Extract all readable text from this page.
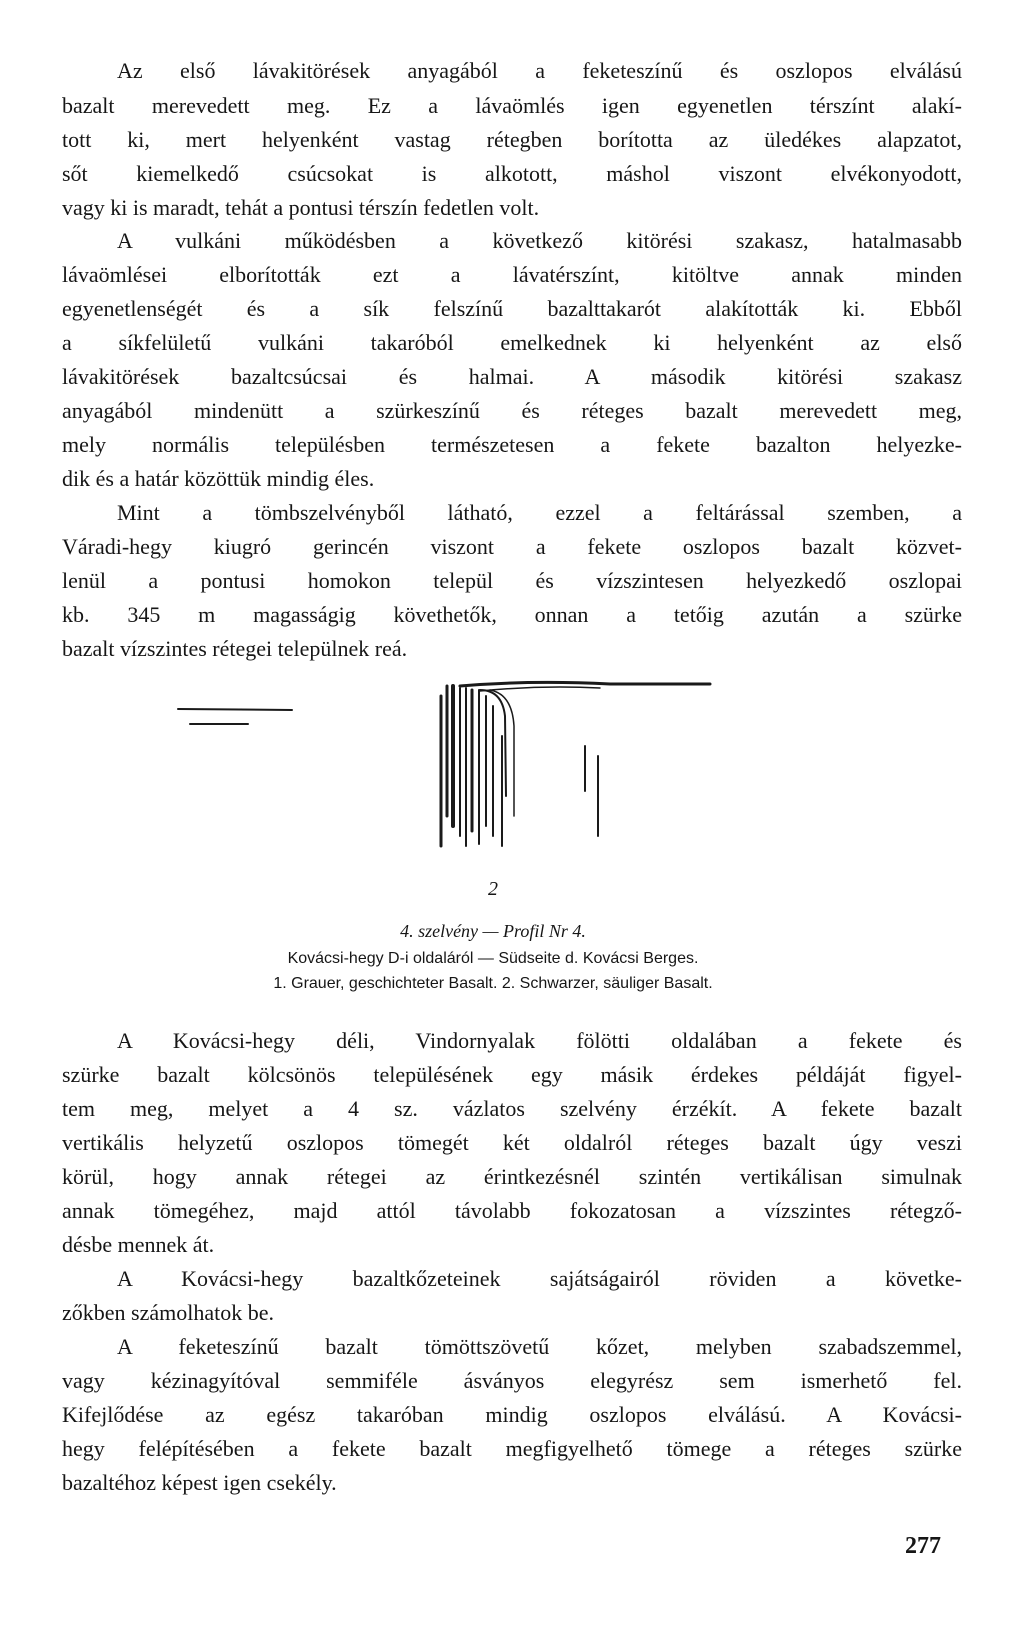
Az első lávakitörések anyagából a feketeszínű és oszlopos elválású
bazalt merevedett meg. Ez a lávaömlés igen egyenetlen térszínt alakí-
tott ki, mert helyenként vastag rétegben borította az üledékes alapzatot,
sőt kiemelkedő csúcsokat is alkotott, máshol viszont elvékonyodott,
vagy ki is maradt, tehát a pontusi térszín fedetlen volt.
A vulkáni működésben a következő kitörési szakasz, hatalmasabb
lávaömlései elborították ezt a lávatérszínt, kitöltve annak minden
egyenetlenségét és a sík felszínű bazalttakarót alakították ki. Ebből
a síkfelületű vulkáni takaróból emelkednek ki helyenként az első
lávakitörések bazaltcsúcsai és halmai. A második kitörési szakasz
anyagából mindenütt a szürkeszínű és réteges bazalt merevedett meg,
mely normális településben természetesen a fekete bazalton helyezke-
dik és a határ közöttük mindig éles.
Mint a tömbszelvényből látható, ezzel a feltárással szemben, a
Váradi-hegy kiugró gerincén viszont a fekete oszlopos bazalt közvet-
lenül a pontusi homokon települ és vízszintesen helyezkedő oszlopai
kb. 345 m magasságig követhetők, onnan a tetőig azután a szürke
bazalt vízszintes rétegei települnek reá.
2
4. szelvény — Profil Nr 4.
Kovácsi-hegy D-i oldaláról — Südseite d. Kovácsi Berges.
1. Grauer, geschichteter Basalt. 2. Schwarzer, säuliger Basalt.
A Kovácsi-hegy déli, Vindornyalak fölötti oldalában a fekete és
szürke bazalt kölcsönös településének egy másik érdekes példáját figyel-
tem meg, melyet a 4 sz. vázlatos szelvény érzékít. A fekete bazalt
vertikális helyzetű oszlopos tömegét két oldalról réteges bazalt úgy veszi
körül, hogy annak rétegei az érintkezésnél szintén vertikálisan simulnak
annak tömegéhez, majd attól távolabb fokozatosan a vízszintes rétegző-
désbe mennek át.
A Kovácsi-hegy bazaltkőzeteinek sajátságairól röviden a követke-
zőkben számolhatok be.
A feketeszínű bazalt tömöttszövetű kőzet, melyben szabadszemmel,
vagy kézinagyítóval semmiféle ásványos elegyrész sem ismerhető fel.
Kifejlődése az egész takaróban mindig oszlopos elválású. A Kovácsi-
hegy felépítésében a fekete bazalt megfigyelhető tömege a réteges szürke
bazaltéhoz képest igen csekély.
277
